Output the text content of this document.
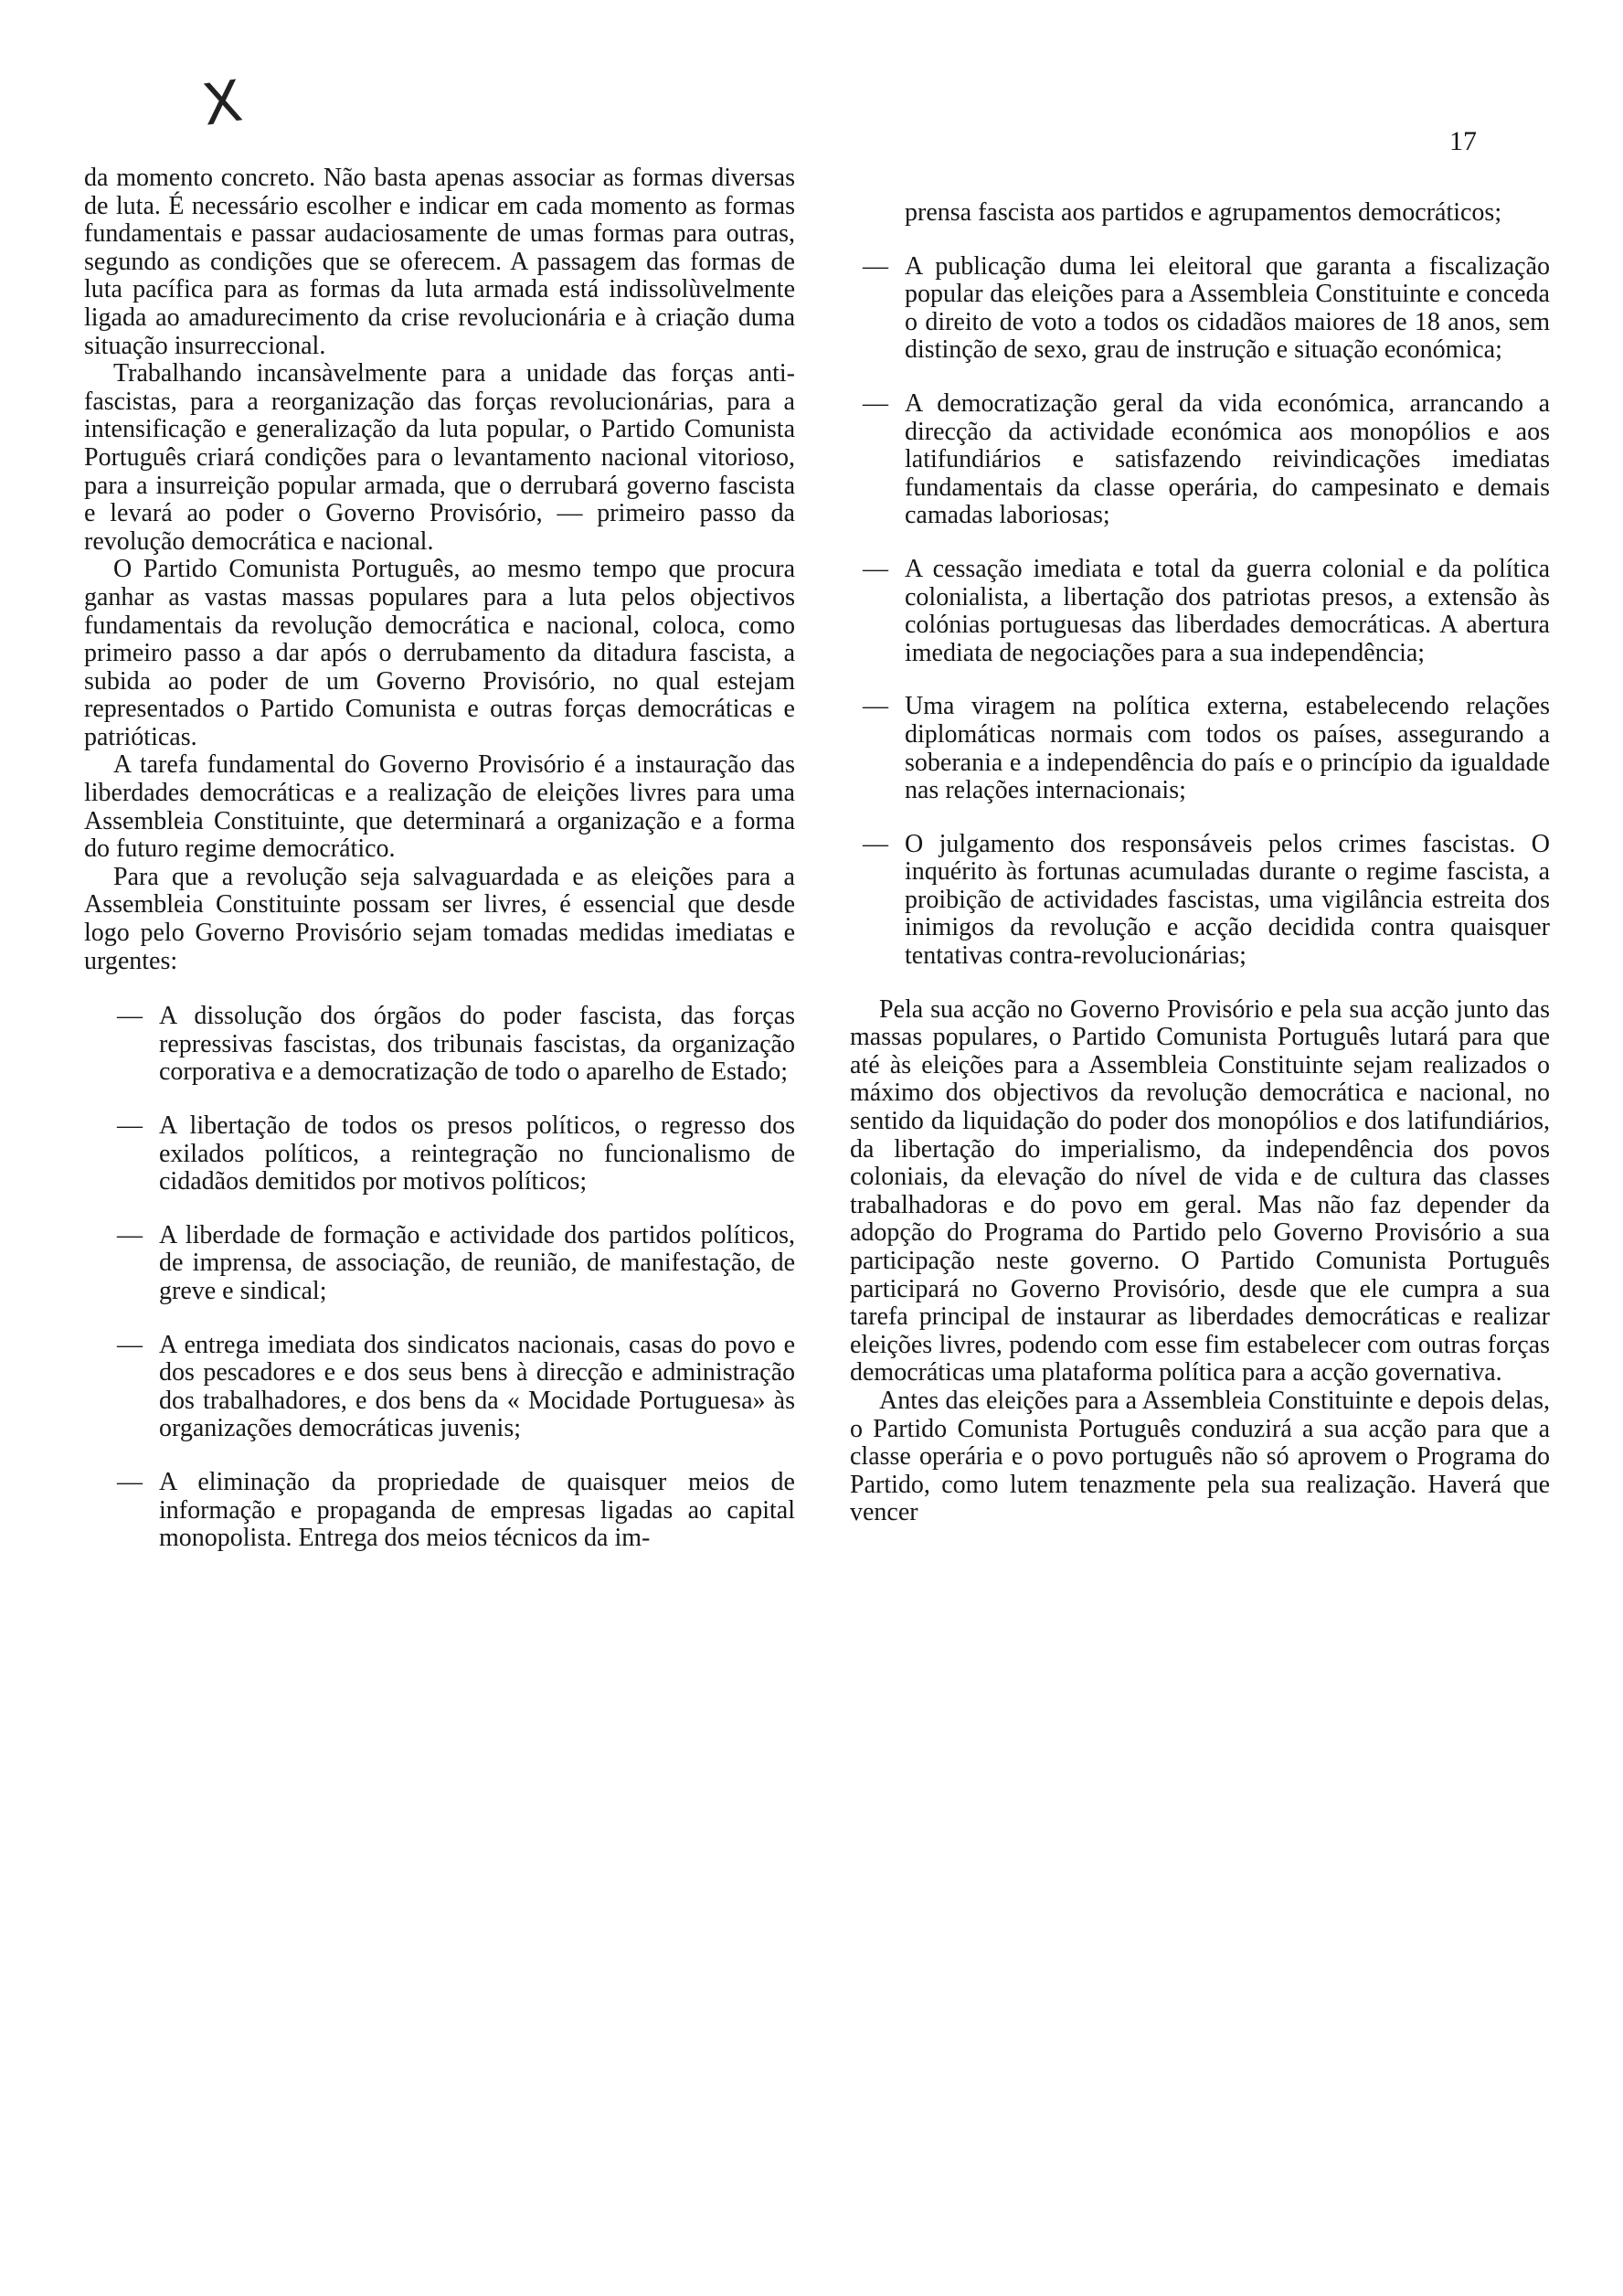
X
17

da momento concreto. Não basta apenas associar as formas diversas de luta. É necessário escolher e indicar em cada momento as formas fundamentais e passar audaciosamente de umas formas para outras, segundo as condições que se oferecem. A passagem das formas de luta pacífica para as formas da luta armada está indissolùvelmente ligada ao amadurecimento da crise revolucionária e à criação duma situação insurreccional.

Trabalhando incansàvelmente para a unidade das forças anti-fascistas, para a reorganização das forças revolucionárias, para a intensificação e generalização da luta popular, o Partido Comunista Português criará condições para o levantamento nacional vitorioso, para a insurreição popular armada, que o derrubará governo fascista e levará ao poder o Governo Provisório, — primeiro passo da revolução democrática e nacional.

O Partido Comunista Português, ao mesmo tempo que procura ganhar as vastas massas populares para a luta pelos objectivos fundamentais da revolução democrática e nacional, coloca, como primeiro passo a dar após o derrubamento da ditadura fascista, a subida ao poder de um Governo Provisório, no qual estejam representados o Partido Comunista e outras forças democráticas e patrióticas.

A tarefa fundamental do Governo Provisório é a instauração das liberdades democráticas e a realização de eleições livres para uma Assembleia Constituinte, que determinará a organização e a forma do futuro regime democrático.

Para que a revolução seja salvaguardada e as eleições para a Assembleia Constituinte possam ser livres, é essencial que desde logo pelo Governo Provisório sejam tomadas medidas imediatas e urgentes:

— A dissolução dos órgãos do poder fascista, das forças repressivas fascistas, dos tribunais fascistas, da organização corporativa e a democratização de todo o aparelho de Estado;
— A libertação de todos os presos políticos, o regresso dos exilados políticos, a reintegração no funcionalismo de cidadãos demitidos por motivos políticos;
— A liberdade de formação e actividade dos partidos políticos, de imprensa, de associação, de reunião, de manifestação, de greve e sindical;
— A entrega imediata dos sindicatos nacionais, casas do povo e dos pescadores e e dos seus bens à direcção e administração dos trabalhadores, e dos bens da « Mocidade Portuguesa» às organizações democráticas juvenis;
— A eliminação da propriedade de quaisquer meios de informação e propaganda de empresas ligadas ao capital monopolista. Entrega dos meios técnicos da im-
prensa fascista aos partidos e agrupamentos democráticos;
— A publicação duma lei eleitoral que garanta a fiscalização popular das eleições para a Assembleia Constituinte e conceda o direito de voto a todos os cidadãos maiores de 18 anos, sem distinção de sexo, grau de instrução e situação económica;
— A democratização geral da vida económica, arrancando a direcção da actividade económica aos monopólios e aos latifundiários e satisfazendo reivindicações imediatas fundamentais da classe operária, do campesinato e demais camadas laboriosas;
— A cessação imediata e total da guerra colonial e da política colonialista, a libertação dos patriotas presos, a extensão às colónias portuguesas das liberdades democráticas. A abertura imediata de negociações para a sua independência;
— Uma viragem na política externa, estabelecendo relações diplomáticas normais com todos os países, assegurando a soberania e a independência do país e o princípio da igualdade nas relações internacionais;
— O julgamento dos responsáveis pelos crimes fascistas. O inquérito às fortunas acumuladas durante o regime fascista, a proibição de actividades fascistas, uma vigilância estreita dos inimigos da revolução e acção decidida contra quaisquer tentativas contra-revolucionárias;

Pela sua acção no Governo Provisório e pela sua acção junto das massas populares, o Partido Comunista Português lutará para que até às eleições para a Assembleia Constituinte sejam realizados o máximo dos objectivos da revolução democrática e nacional, no sentido da liquidação do poder dos monopólios e dos latifundiários, da libertação do imperialismo, da independência dos povos coloniais, da elevação do nível de vida e de cultura das classes trabalhadoras e do povo em geral. Mas não faz depender da adopção do Programa do Partido pelo Governo Provisório a sua participação neste governo. O Partido Comunista Português participará no Governo Provisório, desde que ele cumpra a sua tarefa principal de instaurar as liberdades democráticas e realizar eleições livres, podendo com esse fim estabelecer com outras forças democráticas uma plataforma política para a acção governativa.

Antes das eleições para a Assembleia Constituinte e depois delas, o Partido Comunista Português conduzirá a sua acção para que a classe operária e o povo português não só aprovem o Programa do Partido, como lutem tenazmente pela sua realização. Haverá que vencer
